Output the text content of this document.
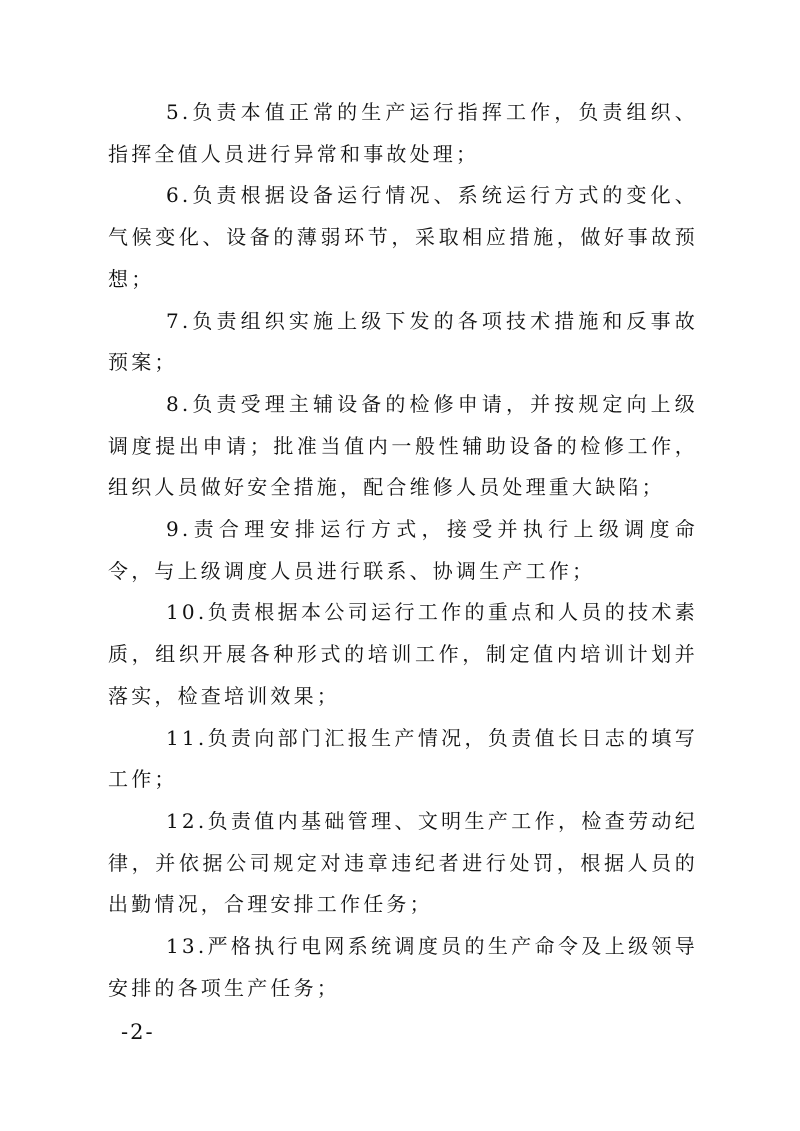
5.负责本值正常的生产运行指挥工作，负责组织、指挥全值人员进行异常和事故处理；

6.负责根据设备运行情况、系统运行方式的变化、气候变化、设备的薄弱环节，采取相应措施，做好事故预想；

7.负责组织实施上级下发的各项技术措施和反事故预案；

8.负责受理主辅设备的检修申请，并按规定向上级调度提出申请；批准当值内一般性辅助设备的检修工作，组织人员做好安全措施，配合维修人员处理重大缺陷；

9.责合理安排运行方式，接受并执行上级调度命令，与上级调度人员进行联系、协调生产工作；

10.负责根据本公司运行工作的重点和人员的技术素质，组织开展各种形式的培训工作，制定值内培训计划并落实，检查培训效果；

11.负责向部门汇报生产情况，负责值长日志的填写工作；

12.负责值内基础管理、文明生产工作，检查劳动纪律，并依据公司规定对违章违纪者进行处罚，根据人员的出勤情况，合理安排工作任务；

13.严格执行电网系统调度员的生产命令及上级领导安排的各项生产任务；

-2-
